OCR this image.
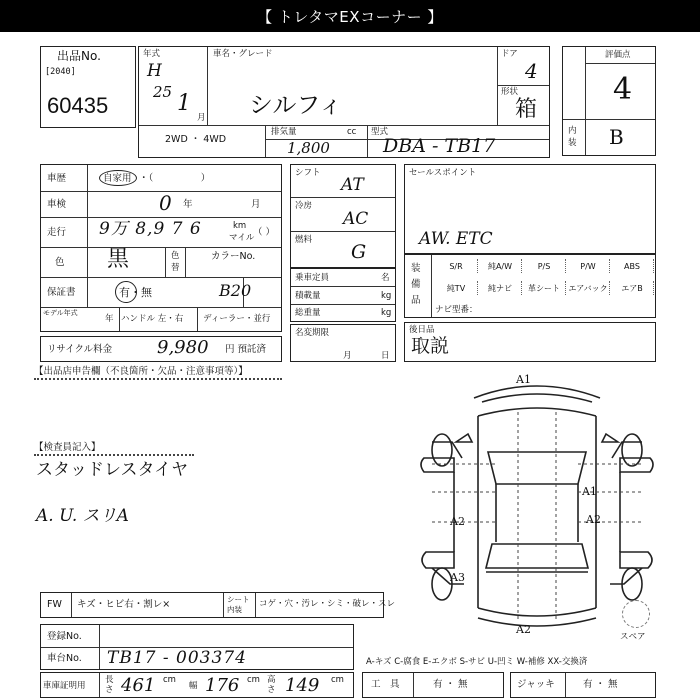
【 トレタマEXコーナー 】
出品No.
[2040]
60435
年式
H
25 1
月
車名・グレード
シルフィ
ドア
4
形状
箱
2WD ・ 4WD
排気量	cc
1,800
型式
DBA - TB17
評価点
4
内装 B
車歴	自家用 ・（　　　　　）
車検	0 年	月
走行 9万 8,9 7 6	km
マイル
（ ）
色 黒	色
替
カラーNo.
保証書	有・無	B20
モデル年式
年 ハンドル 左・右 ディーラー・並行
リサイクル料金 9,980 円 預託済
シフト
AT
冷房
AC
燃料
G
乗車定員	名
積載量	kg
総重量	kg
名変期限
月	日
セールスポイント
AW. ETC
装備品
ナビ型番：
S/R	純A/W	P/S	P/W	ABS
純TV	純ナビ	革シート	エアバック	エアB
後日品
取説
【出品店申告欄（不良箇所・欠品・注意事項等）】
【検査員記入】
スタッドレスタイヤ
A. U. スリA
A1
A1
A2
A2
A3
A2
スペア
FW キズ・ヒビ右・割レ×	シート内装
コゲ・穴・汚レ・シミ・破レ・スレ
登録No.
車台No. TB17 - 003374	A-キズ C-腐食 E-エクボ S-サビ U-凹ミ W-補修 XX-交換済
車庫証明用
長さ 461 cm
幅 176 cm 高さ 149 cm	工　具	有 ・ 無	ジャッキ	有 ・ 無
